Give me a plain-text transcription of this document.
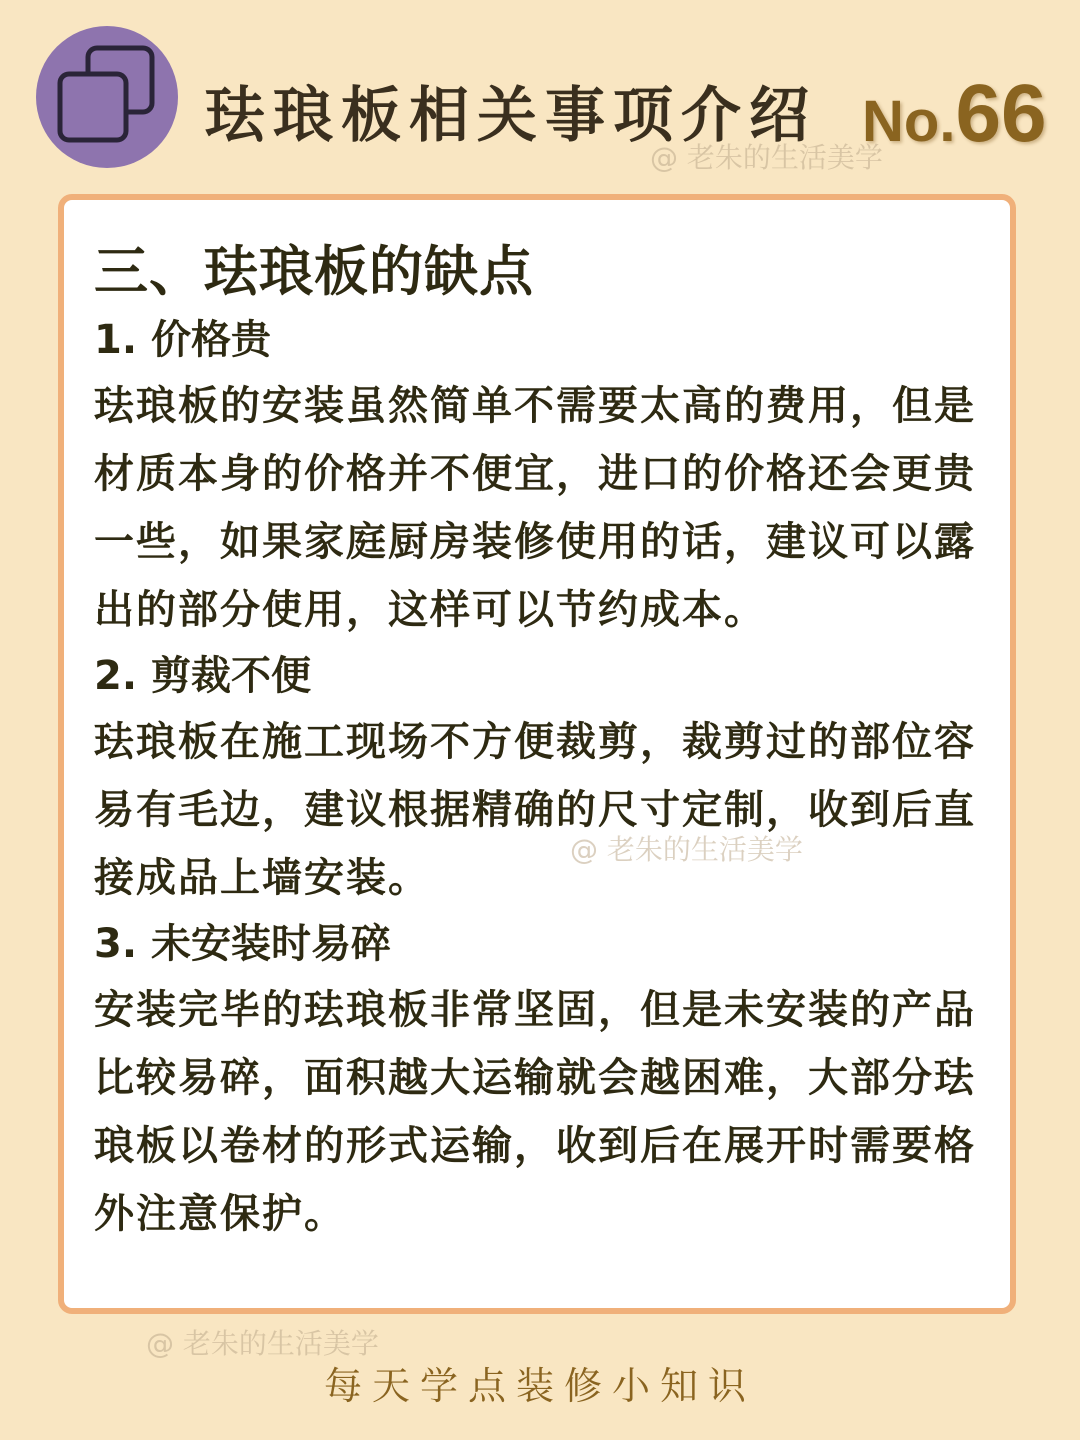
珐琅板相关事项介绍 No.66
@ 老朱的生活美学
三、珐琅板的缺点
1. 价格贵

珐琅板的安装虽然简单不需要太高的费用，但是材质本身的价格并不便宜，进口的价格还会更贵一些，如果家庭厨房装修使用的话，建议可以露出的部分使用，这样可以节约成本。

2. 剪裁不便

珐琅板在施工现场不方便裁剪，裁剪过的部位容易有毛边，建议根据精确的尺寸定制，收到后直接成品上墙安装。

3. 未安装时易碎

安装完毕的珐琅板非常坚固，但是未安装的产品比较易碎，面积越大运输就会越困难，大部分珐琅板以卷材的形式运输，收到后在展开时需要格外注意保护。

@ 老朱的生活美学
@ 老朱的生活美学
每天学点装修小知识
